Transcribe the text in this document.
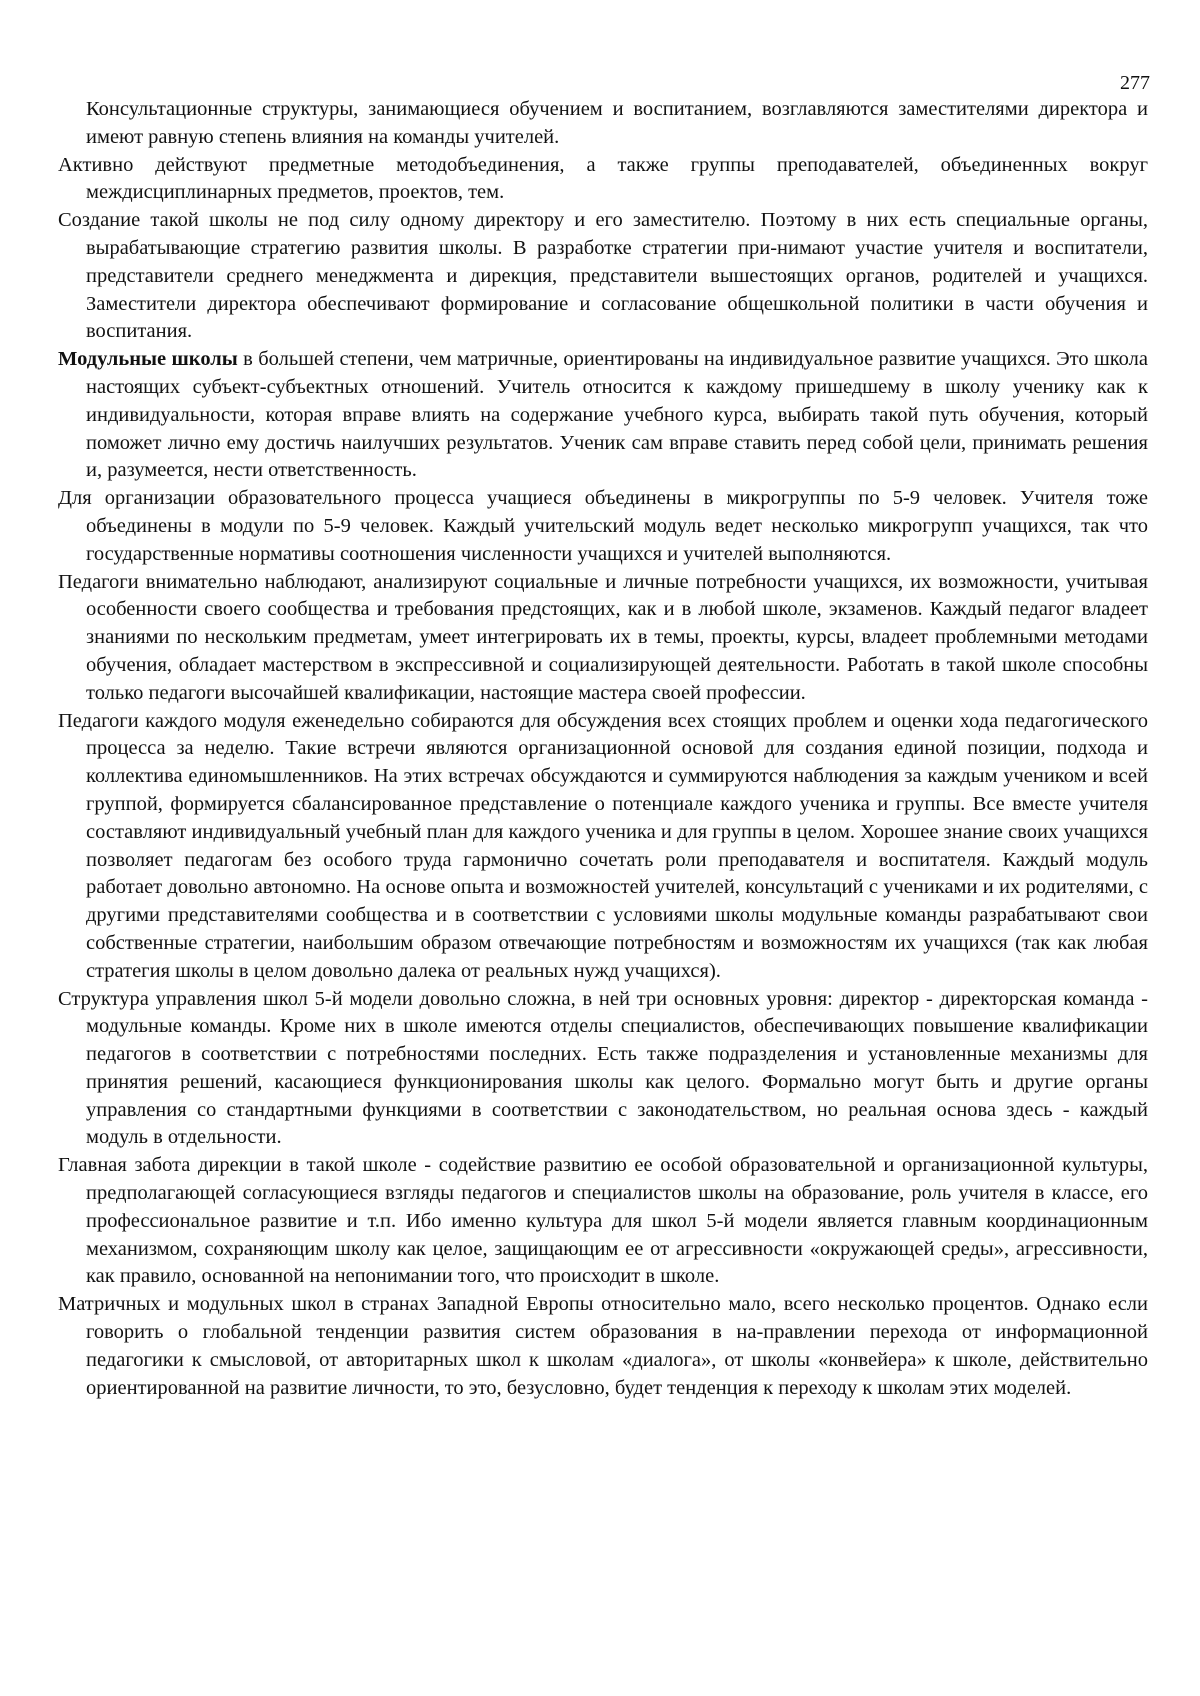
277

Консультационные структуры, занимающиеся обучением и воспитанием, возглавляются заместителями директора и имеют равную степень влияния на команды учителей.

Активно действуют предметные методобъединения, а также группы преподавателей, объединенных вокруг междисциплинарных предметов, проектов, тем.

Создание такой школы не под силу одному директору и его заместителю. Поэтому в них есть специальные органы, вырабатывающие стратегию развития школы. В разработке стратегии при-нимают участие учителя и воспитатели, представители среднего менеджмента и дирекция, представители вышестоящих органов, родителей и учащихся. Заместители директора обеспечивают формирование и согласование общешкольной политики в части обучения и воспитания.

Модульные школы в большей степени, чем матричные, ориентированы на индивидуальное развитие учащихся. Это школа настоящих субъект-субъектных отношений. Учитель относится к каждому пришедшему в школу ученику как к индивидуальности, которая вправе влиять на содержание учебного курса, выбирать такой путь обучения, который поможет лично ему достичь наилучших результатов. Ученик сам вправе ставить перед собой цели, принимать решения и, разумеется, нести ответственность.

Для организации образовательного процесса учащиеся объединены в микрогруппы по 5-9 человек. Учителя тоже объединены в модули по 5-9 человек. Каждый учительский модуль ведет несколько микрогрупп учащихся, так что государственные нормативы соотношения численности учащихся и учителей выполняются.

Педагоги внимательно наблюдают, анализируют социальные и личные потребности учащихся, их возможности, учитывая особенности своего сообщества и требования предстоящих, как и в любой школе, экзаменов. Каждый педагог владеет знаниями по нескольким предметам, умеет интегрировать их в темы, проекты, курсы, владеет проблемными методами обучения, обладает мастерством в экспрессивной и социализирующей деятельности. Работать в такой школе способны только педагоги высочайшей квалификации, настоящие мастера своей профессии.

Педагоги каждого модуля еженедельно собираются для обсуждения всех стоящих проблем и оценки хода педагогического процесса за неделю. Такие встречи являются организационной основой для создания единой позиции, подхода и коллектива единомышленников. На этих встречах обсуждаются и суммируются наблюдения за каждым учеником и всей группой, формируется сбалансированное представление о потенциале каждого ученика и группы. Все вместе учителя составляют индивидуальный учебный план для каждого ученика и для группы в целом. Хорошее знание своих учащихся позволяет педагогам без особого труда гармонично сочетать роли преподавателя и воспитателя. Каждый модуль работает довольно автономно. На основе опыта и возможностей учителей, консультаций с учениками и их родителями, с другими представителями сообщества и в соответствии с условиями школы модульные команды разрабатывают свои собственные стратегии, наибольшим образом отвечающие потребностям и возможностям их учащихся (так как любая стратегия школы в целом довольно далека от реальных нужд учащихся).

Структура управления школ 5-й модели довольно сложна, в ней три основных уровня: директор - директорская команда - модульные команды. Кроме них в школе имеются отделы специалистов, обеспечивающих повышение квалификации педагогов в соответствии с потребностями последних. Есть также подразделения и установленные механизмы для принятия решений, касающиеся функционирования школы как целого. Формально могут быть и другие органы управления со стандартными функциями в соответствии с законодательством, но реальная основа здесь - каждый модуль в отдельности.

Главная забота дирекции в такой школе - содействие развитию ее особой образовательной и организационной культуры, предполагающей согласующиеся взгляды педагогов и специалистов школы на образование, роль учителя в классе, его профессиональное развитие и т.п. Ибо именно культура для школ 5-й модели является главным координационным механизмом, сохраняющим школу как целое, защищающим ее от агрессивности «окружающей среды», агрессивности, как правило, основанной на непонимании того, что происходит в школе.

Матричных и модульных школ в странах Западной Европы относительно мало, всего несколько процентов. Однако если говорить о глобальной тенденции развития систем образования в на-правлении перехода от информационной педагогики к смысловой, от авторитарных школ к школам «диалога», от школы «конвейера» к школе, действительно ориентированной на развитие личности, то это, безусловно, будет тенденция к переходу к школам этих моделей.
